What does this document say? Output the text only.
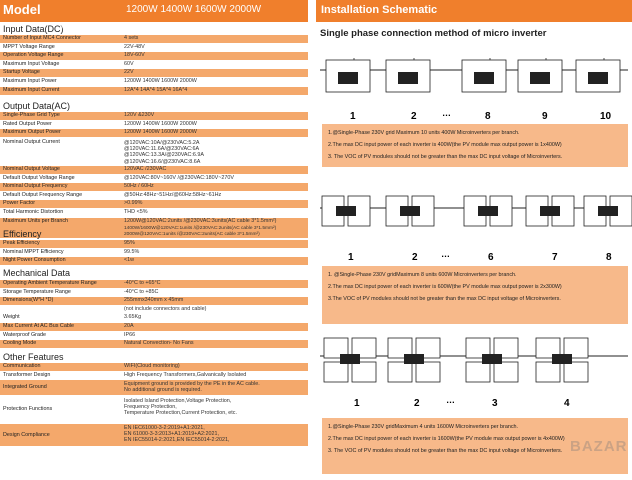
Model	1200W 1400W 1600W 2000W
Input Data(DC)
ЛЮТИ ЧЕТКИ
Number of Input MC4 Connector	4 sets
MPPT Voltage Range	22V-48V
Operation Voltage Range	18V-60V
Maximum Input Voltage	60V
Startup Voltage	22V
Maximum Input Power	1200W 1400W 1600W 2000W
Maximum Input Current	12A*4 14A*4 15A*4 16A*4
Output Data(AC)
Single-Phase Grid Type	120V &230V
Rated Output Power	1200W 1400W 1600W 2000W
Maximum Output Power	1200W 1400W 1600W 2000W
Nominal Output Current	@120VAC:10A/@230VAC:5.2A
@120VAC:11.6A/@230VAC:6A
@120VAC:13.3A/@230VAC:6.9A
@120VAC:16.6/@230VAC:8.6A
Nominal Output Voltage	120VAC /230VAC
Default Output Voltage Range	@120VAC:80V~160V /@230VAC:180V~270V
Nominal Output Frequency	50Hz / 60Hz
Default Output Frequency Range	@50Hz:48Hz~51Hz/@60Hz:58Hz~61Hz
Power Factor	>0.99%
Total Harmonic Distortion	THD <5%
Maximum Units per Branch	1200W@120VAC:2units /@230VAC:3units(AC cable 3*1.5mm²)
1400W/1600W@120VAC:1units /@230VAC:2units(AC cable 3*1.5mm²)
2000W@120VAC:1units /@230VAC:2units(AC cable 3*1.5mm²)
Efficiency
Peak Efficiency	95%
Nominal MPPT Efficiency	99.5%
Night Power Consumption	<1w
Mechanical Data
Operating Ambient Temperature Range	-40°C to +65°C
Storage Temperature Range	-40°C to +85C
Dimensions(W*H *D)	255mmx340mm x 45mm
(not include connectors and cable)
Weight	3.65Kg
Max Current At AC Bus Cable	20A
Waterproof Grade	IP66
Cooling Mode	Natural Convection- No Fans
Other Features
Communication	WIFI(Cloud monitoring)
Transformer Design	High Frequency Transformers,Galvanically Isolated
Integrated Ground	Equipment ground is provided by the PE in the AC cable.
No additional ground is required.
Protection Functions
Isolated Island Protection,Voltage Protection,
Frequency Protection,
Temperature Protection,Current Protection, etc.
Design Compliance
EN IEC61000-3-2:2019+A1:2021,
EN 61000-3-3:2013+A1:2019+A2:2021,
EN IEC55014-2:2021,EN IEC55014-2:2021,
Installation Schematic
Single phase connection method of micro inverter
1	2	…	8	9	10

1.@Single-Phase 230V grid Maximum 10 units 400W Microinverters per branch.

2.The max DC input power of each inverter is 400W(the PV module max output power is 1x400W)

3. The VOC of PV modules should not be greater than the max DC input voltage of Microinverters.

1	2	…	6	7	8

1. @Single-Phase 230V gridMaximum 8 units 600W Microinverters per branch.

2.The max DC input power of each inverter is 600W(the PV module max output power is 2x300W)

3.The VOC of PV modules should not be greater than the max DC input voltage of Microinverters.

1	2	…	3	4

1.@Single-Phase 230V gridMaximum 4 units 1600W Microinverters per branch.

2.The max DC input power of each inverter is 1600W(the PV module max output power is 4x400W)

3. The VOC of PV modules should not be greater than the max DC input voltage of Microinverters. BAZAR
